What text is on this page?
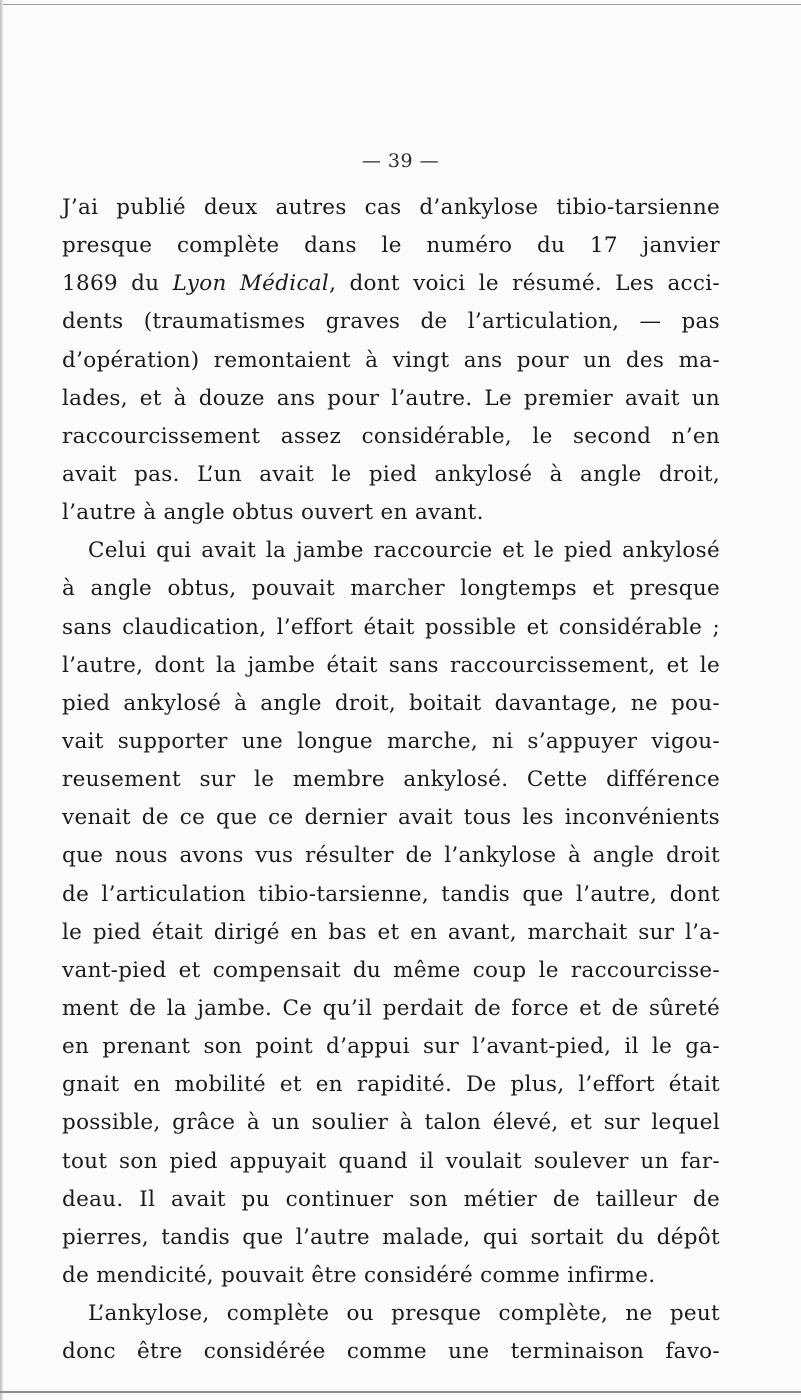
— 39 —
J’ai publié deux autres cas d’ankylose tibio-tarsienne
presque complète dans le numéro du 17 janvier
1869 du Lyon Médical, dont voici le résumé. Les acci-
dents (traumatismes graves de l’articulation, — pas
d’opération) remontaient à vingt ans pour un des ma-
lades, et à douze ans pour l’autre. Le premier avait un
raccourcissement assez considérable, le second n’en
avait pas. L’un avait le pied ankylosé à angle droit,
l’autre à angle obtus ouvert en avant.
Celui qui avait la jambe raccourcie et le pied ankylosé
à angle obtus, pouvait marcher longtemps et presque
sans claudication, l’effort était possible et considérable ;
l’autre, dont la jambe était sans raccourcissement, et le
pied ankylosé à angle droit, boitait davantage, ne pou-
vait supporter une longue marche, ni s’appuyer vigou-
reusement sur le membre ankylosé. Cette différence
venait de ce que ce dernier avait tous les inconvénients
que nous avons vus résulter de l’ankylose à angle droit
de l’articulation tibio-tarsienne, tandis que l’autre, dont
le pied était dirigé en bas et en avant, marchait sur l’a-
vant-pied et compensait du même coup le raccourcisse-
ment de la jambe. Ce qu’il perdait de force et de sûreté
en prenant son point d’appui sur l’avant-pied, il le ga-
gnait en mobilité et en rapidité. De plus, l’effort était
possible, grâce à un soulier à talon élevé, et sur lequel
tout son pied appuyait quand il voulait soulever un far-
deau. Il avait pu continuer son métier de tailleur de
pierres, tandis que l’autre malade, qui sortait du dépôt
de mendicité, pouvait être considéré comme infirme.
L’ankylose, complète ou presque complète, ne peut
donc être considérée comme une terminaison favo-
